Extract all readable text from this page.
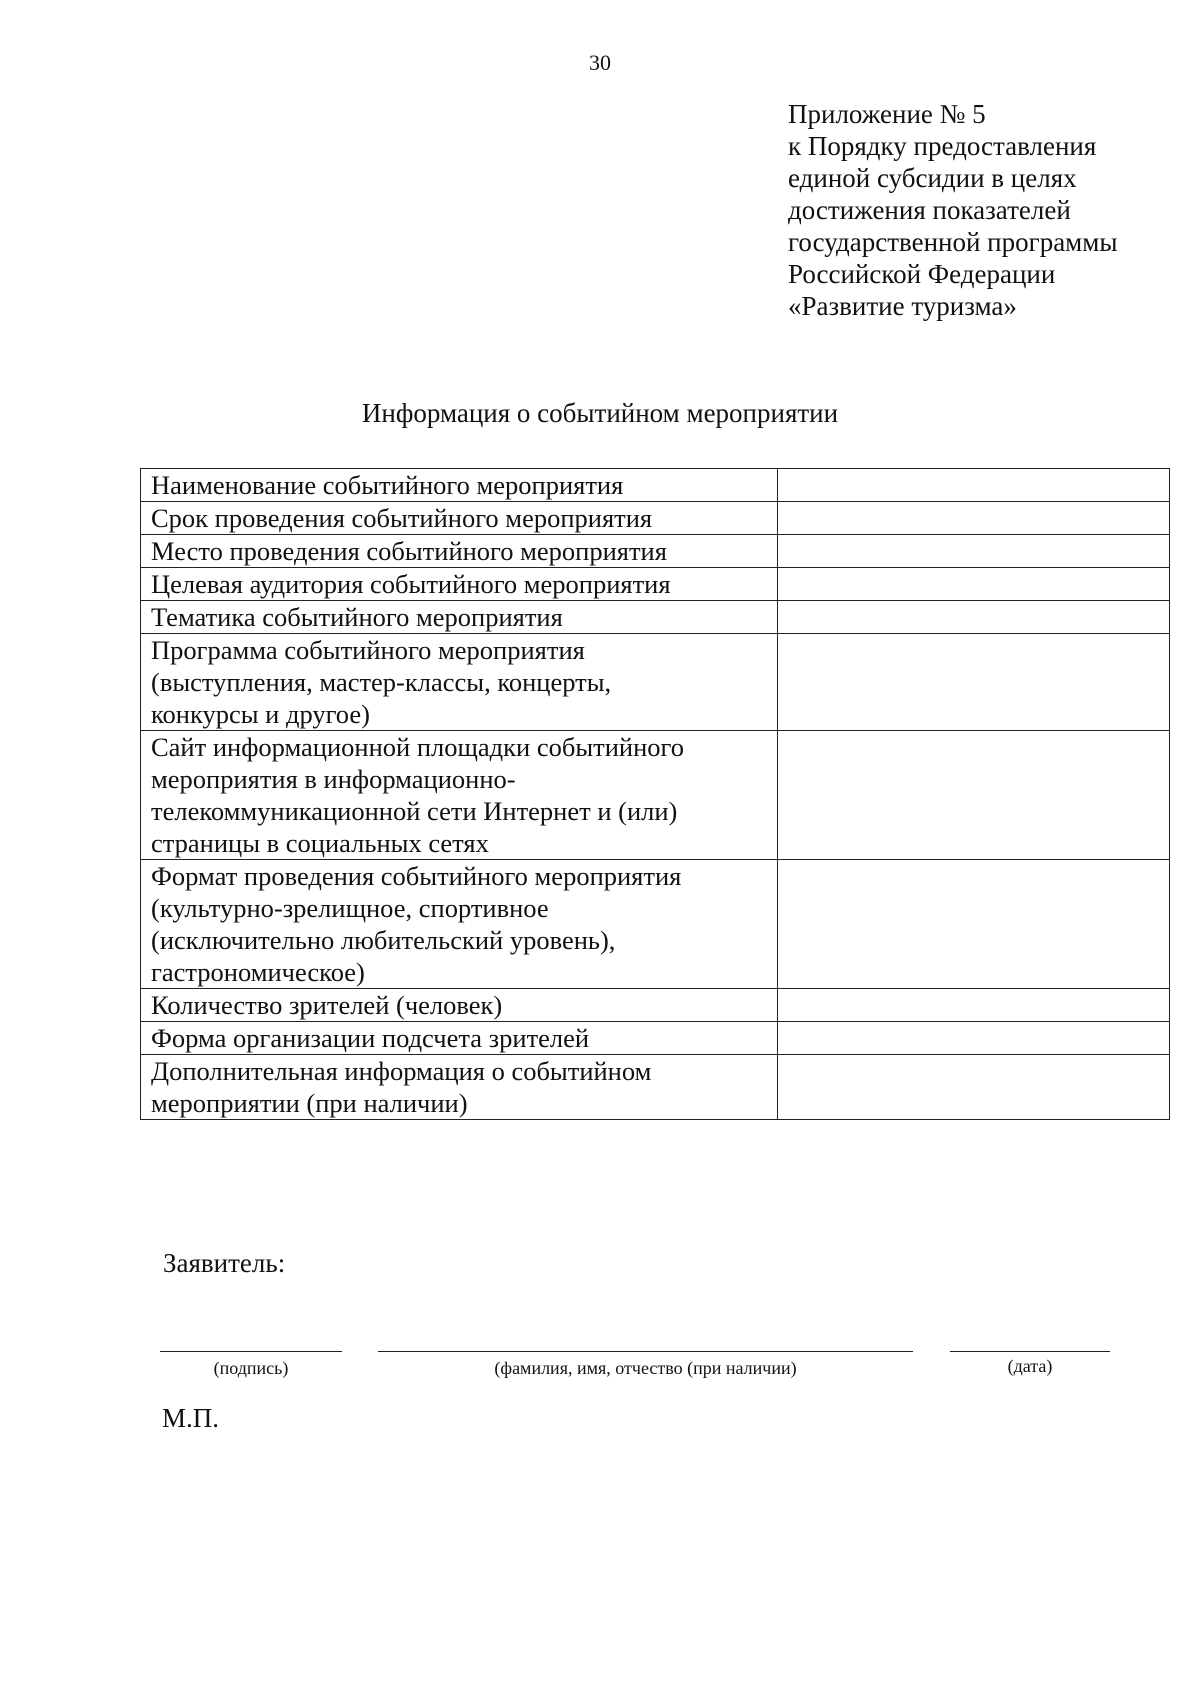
30
Приложение № 5
к Порядку предоставления
единой субсидии в целях
достижения показателей
государственной программы
Российской Федерации
«Развитие туризма»
Информация о событийном мероприятии
Наименование событийного мероприятия	

Срок проведения событийного мероприятия	

Место проведения событийного мероприятия	

Целевая аудитория событийного мероприятия	

Тематика событийного мероприятия	

Программа событийного мероприятия
(выступления, мастер-классы, концерты,
конкурсы и другое)	

Сайт информационной площадки событийного
мероприятия в информационно-
телекоммуникационной сети Интернет и (или)
страницы в социальных сетях	

Формат проведения событийного мероприятия
(культурно-зрелищное, спортивное
(исключительно любительский уровень),
гастрономическое)	

Количество зрителей (человек)	

Форма организации подсчета зрителей	

Дополнительная информация о событийном
мероприятии (при наличии)	

Заявитель:
(подпись)	(фамилия, имя, отчество (при наличии)	(дата)
М.П.
